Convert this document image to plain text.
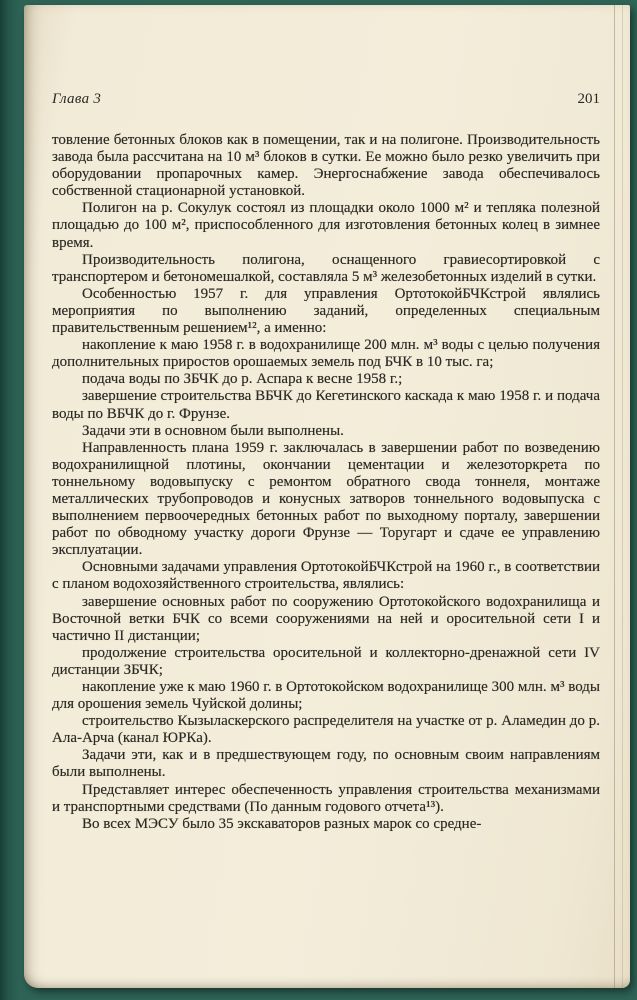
Глава 3	201

товление бетонных блоков как в помещении, так и на полигоне. Производительность завода была рассчитана на 10 м³ блоков в сутки. Ее можно было резко увеличить при оборудовании пропарочных камер. Энергоснабжение завода обеспечивалось собственной стационарной установкой.

Полигон на р. Сокулук состоял из площадки около 1000 м² и тепляка полезной площадью до 100 м², приспособленного для изготовления бетонных колец в зимнее время.

Производительность полигона, оснащенного гравиесортировкой с транспортером и бетономешалкой, составляла 5 м³ железобетонных изделий в сутки.

Особенностью 1957 г. для управления ОртотокойБЧКстрой являлись мероприятия по выполнению заданий, определенных специальным правительственным решением¹², а именно:

накопление к маю 1958 г. в водохранилище 200 млн. м³ воды с целью получения дополнительных приростов орошаемых земель под БЧК в 10 тыс. га;

подача воды по ЗБЧК до р. Аспара к весне 1958 г.;

завершение строительства ВБЧК до Кегетинского каскада к маю 1958 г. и подача воды по ВБЧК до г. Фрунзе.

Задачи эти в основном были выполнены.

Направленность плана 1959 г. заключалась в завершении работ по возведению водохранилищной плотины, окончании цементации и железоторкрета по тоннельному водовыпуску с ремонтом обратного свода тоннеля, монтаже металлических трубопроводов и конусных затворов тоннельного водовыпуска с выполнением первоочередных бетонных работ по выходному порталу, завершении работ по обводному участку дороги Фрунзе — Торугарт и сдаче ее управлению эксплуатации.

Основными задачами управления ОртотокойБЧКстрой на 1960 г., в соответствии с планом водохозяйственного строительства, являлись:

завершение основных работ по сооружению Ортотокойского водохранилища и Восточной ветки БЧК со всеми сооружениями на ней и оросительной сети I и частично II дистанции;

продолжение строительства оросительной и коллекторно-дренажной сети IV дистанции ЗБЧК;

накопление уже к маю 1960 г. в Ортотокойском водохранилище 300 млн. м³ воды для орошения земель Чуйской долины;

строительство Кызыласкерского распределителя на участке от р. Аламедин до р. Ала-Арча (канал ЮРКа).

Задачи эти, как и в предшествующем году, по основным своим направлениям были выполнены.

Представляет интерес обеспеченность управления строительства механизмами и транспортными средствами (По данным годового отчета¹³).

Во всех МЭСУ было 35 экскаваторов разных марок со средне-
